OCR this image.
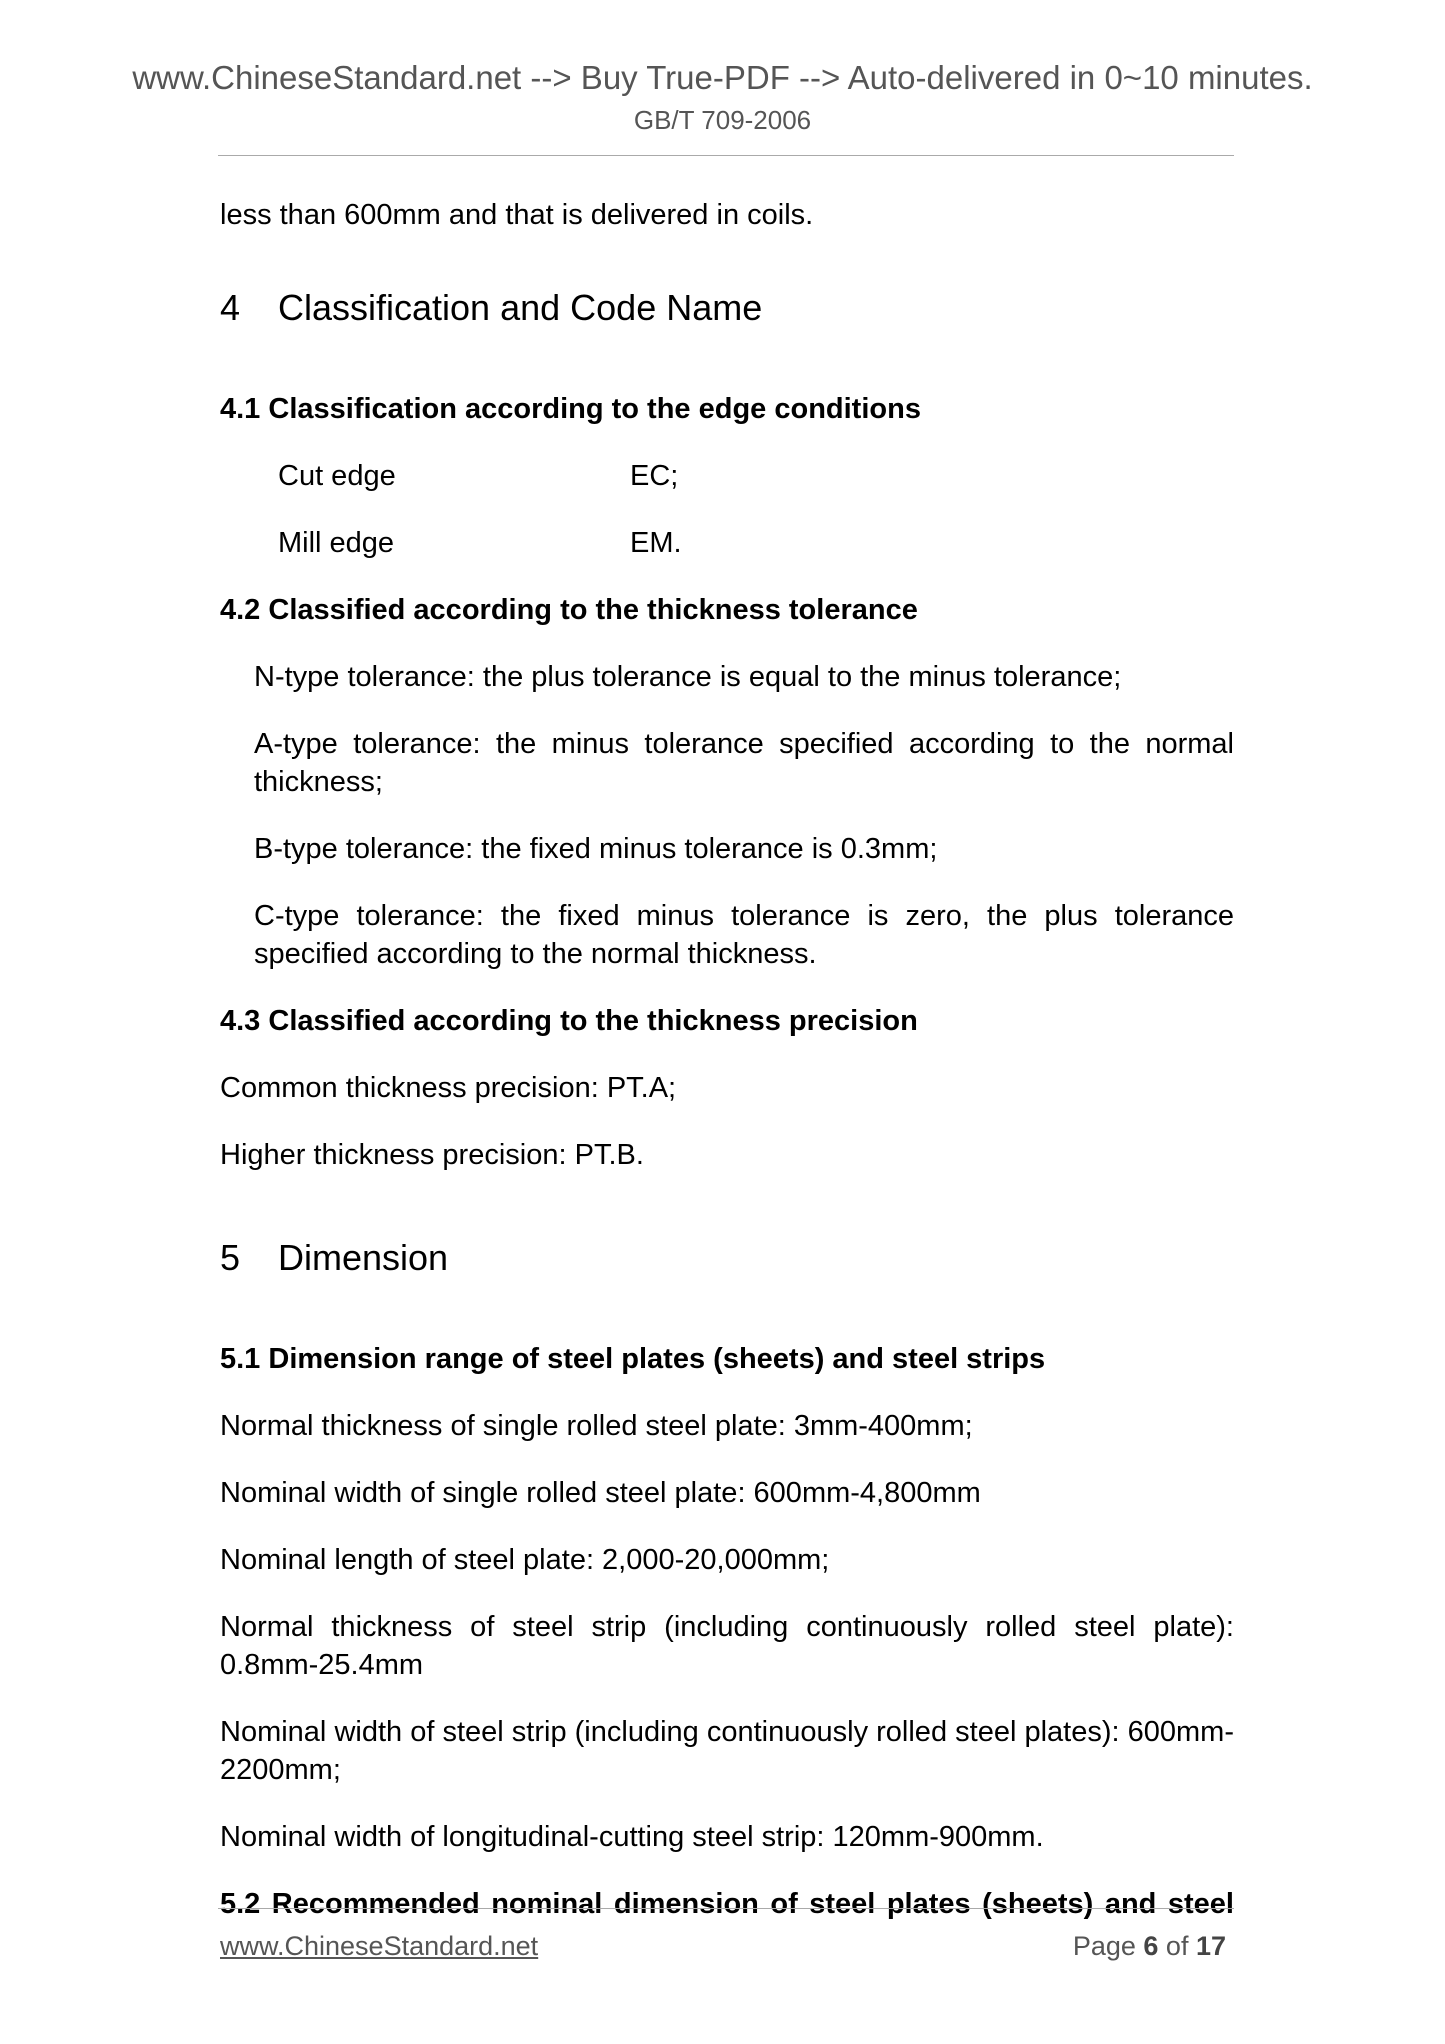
www.ChineseStandard.net --> Buy True-PDF --> Auto-delivered in 0~10 minutes.
GB/T 709-2006
less than 600mm and that is delivered in coils.
4	Classification and Code Name
4.1 Classification according to the edge conditions
Cut edge	EC;
Mill edge	EM.
4.2 Classified according to the thickness tolerance
N-type tolerance: the plus tolerance is equal to the minus tolerance;
A-type tolerance: the minus tolerance specified according to the normal thickness;
B-type tolerance: the fixed minus tolerance is 0.3mm;
C-type tolerance: the fixed minus tolerance is zero, the plus tolerance specified according to the normal thickness.
4.3 Classified according to the thickness precision
Common thickness precision: PT.A;
Higher thickness precision: PT.B.
5	Dimension
5.1 Dimension range of steel plates (sheets) and steel strips
Normal thickness of single rolled steel plate: 3mm-400mm;
Nominal width of single rolled steel plate: 600mm-4,800mm
Nominal length of steel plate: 2,000-20,000mm;
Normal thickness of steel strip (including continuously rolled steel plate): 0.8mm-25.4mm
Nominal width of steel strip (including continuously rolled steel plates): 600mm-2200mm;
Nominal width of longitudinal-cutting steel strip: 120mm-900mm.
5.2 Recommended nominal dimension of steel plates (sheets) and steel
www.ChineseStandard.net	Page 6 of 17
